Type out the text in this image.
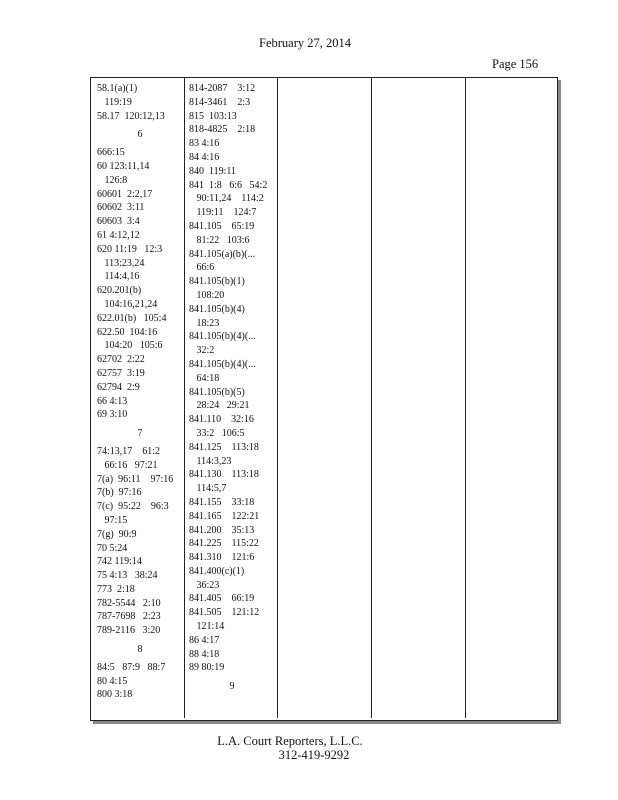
February 27, 2014
Page 156
58.1(a)(1)
119:19
58.17  120:12,13
6
666:15
60 123:11,14
126:8
60601  2:2,17
60602  3:11
60603  3:4
61 4:12,12
620 11:19   12:3
113:23,24
114:4,16
620.201(b)
104:16,21,24
622.01(b)   105:4
622.50  104:16
104:20   105:6
62702  2:22
62757  3:19
62794  2:9
66 4:13
69 3:10
7
74:13,17    61:2
66:16   97:21
7(a)  96:11    97:16
7(b)  97:16
7(c)  95:22    96:3
97:15
7(g)  90:9
70 5:24
742 119:14
75 4:13   38:24
773  2:18
782-5544   2:10
787-7698   2:23
789-2116   3:20
8
84:5   87:9   88:7
80 4:15
800 3:18
814-2087    3:12
814-3461    2:3
815  103:13
818-4825    2:18
83 4:16
84 4:16
840  119:11
841  1:8   6:6   54:2
90:11,24    114:2
119:11    124:7
841.105    65:19
81:22   103:6
841.105(a)(b)(...
66:6
841.105(b)(1)
108:20
841.105(b)(4)
18:23
841.105(b)(4)(...
32:2
841.105(b)(4)(...
64:18
841.105(b)(5)
28:24   29:21
841.110    32:16
33:2   106:5
841.125    113:18
114:3,23
841.130    113:18
114:5,7
841.155    33:18
841.165    122:21
841.200    35:13
841.225    115:22
841.310    121:6
841.400(c)(1)
36:23
841.405    66:19
841.505    121:12
121:14
86 4:17
88 4:18
89 80:19
9
L.A. Court Reporters, L.L.C.
312-419-9292
